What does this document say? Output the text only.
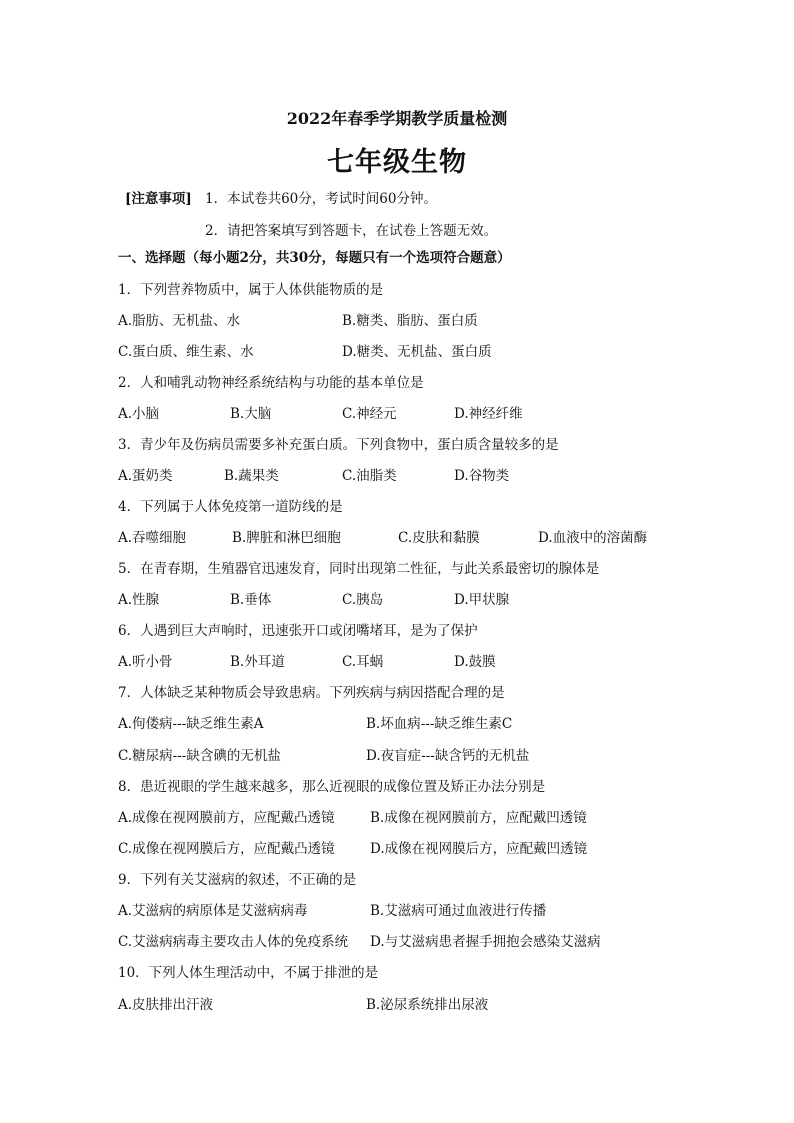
2022年春季学期教学质量检测
七年级生物
[注意事项] 1．本试卷共60分，考试时间60分钟。
2．请把答案填写到答题卡，在试卷上答题无效。
一、选择题（每小题2分，共30分，每题只有一个选项符合题意）
1．下列营养物质中，属于人体供能物质的是
A.脂肪、无机盐、水	B.糖类、脂肪、蛋白质
C.蛋白质、维生素、水	D.糖类、无机盐、蛋白质
2．人和哺乳动物神经系统结构与功能的基本单位是
A.小脑	B.大脑	C.神经元	D.神经纤维
3．青少年及伤病员需要多补充蛋白质。下列食物中，蛋白质含量较多的是
A.蛋奶类	B.蔬果类	C.油脂类	D.谷物类
4．下列属于人体免疫第一道防线的是
A.吞噬细胞	B.脾脏和淋巴细胞	C.皮肤和黏膜	D.血液中的溶菌酶
5．在青春期，生殖器官迅速发育，同时出现第二性征，与此关系最密切的腺体是
A.性腺	B.垂体	C.胰岛	D.甲状腺
6．人遇到巨大声响时，迅速张开口或闭嘴堵耳，是为了保护
A.听小骨	B.外耳道	C.耳蜗	D.鼓膜
7．人体缺乏某种物质会导致患病。下列疾病与病因搭配合理的是
A.佝偻病---缺乏维生素A	B.坏血病---缺乏维生素C
C.糖尿病---缺含碘的无机盐	D.夜盲症---缺含钙的无机盐
8．患近视眼的学生越来越多，那么近视眼的成像位置及矫正办法分别是
A.成像在视网膜前方，应配戴凸透镜	B.成像在视网膜前方，应配戴凹透镜
C.成像在视网膜后方，应配戴凸透镜	D.成像在视网膜后方，应配戴凹透镜
9．下列有关艾滋病的叙述，不正确的是
A.艾滋病的病原体是艾滋病病毒	B.艾滋病可通过血液进行传播
C.艾滋病病毒主要攻击人体的免疫系统 D.与艾滋病患者握手拥抱会感染艾滋病
10．下列人体生理活动中，不属于排泄的是
A.皮肤排出汗液	B.泌尿系统排出尿液
